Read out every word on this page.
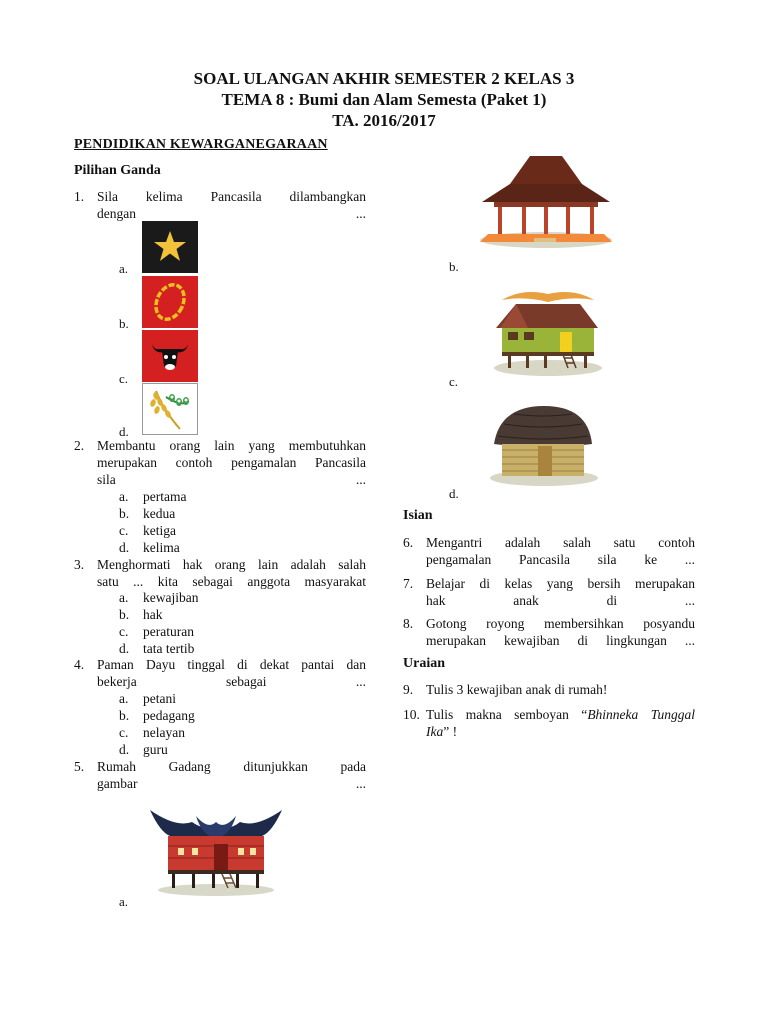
SOAL ULANGAN AKHIR SEMESTER 2 KELAS 3
TEMA 8 : Bumi dan Alam Semesta (Paket 1)
TA. 2016/2017
PENDIDIKAN KEWARGANEGARAAN
Pilihan Ganda
1. Sila kelima Pancasila dilambangkan
dengan ...
a.
b.
c.
d.
2. Membantu orang lain yang membutuhkan
merupakan contoh pengamalan Pancasila
sila ...
a. pertama
b. kedua
c. ketiga
d. kelima
3. Menghormati hak orang lain adalah salah
satu ... kita sebagai anggota masyarakat
a. kewajiban
b. hak
c. peraturan
d. tata tertib
4. Paman Dayu tinggal di dekat pantai dan
bekerja sebagai ...
a. petani
b. pedagang
c. nelayan
d. guru
5. Rumah Gadang ditunjukkan pada
gambar ...
a.
b.
c.
d.
Isian
6. Mengantri adalah salah satu contoh
pengamalan Pancasila sila ke ...
7. Belajar di kelas yang bersih merupakan
hak anak di ...
8. Gotong royong membersihkan posyandu
merupakan kewajiban di lingkungan ...
Uraian
9. Tulis 3 kewajiban anak di rumah!
10. Tulis makna semboyan “Bhinneka Tunggal
Ika” !
